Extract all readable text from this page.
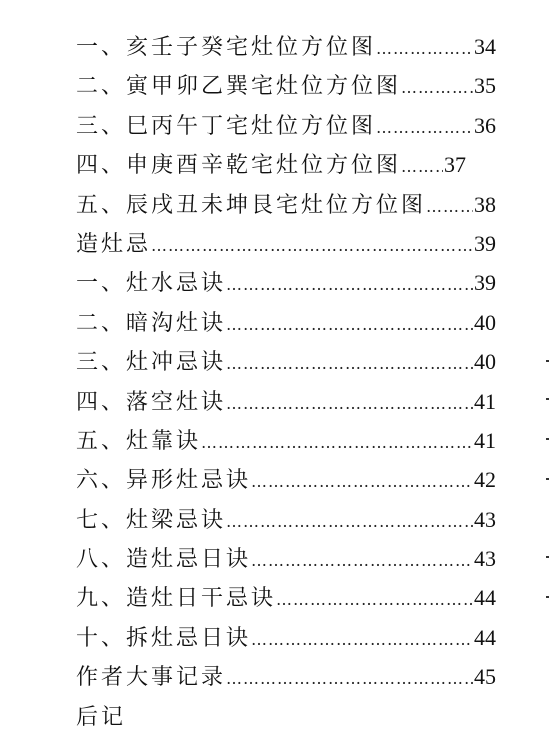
一、亥壬子癸宅灶位方位图 ………………………………………………………………………………………………………………	34
二、寅甲卯乙巽宅灶位方位图 ………………………………………………………………………………………………………………	35
三、巳丙午丁宅灶位方位图 ………………………………………………………………………………………………………………	36
四、申庚酉辛乾宅灶位方位图 ……………………………………………………………………………………………………………… 37
五、辰戌丑未坤艮宅灶位方位图 ……………………………………………………………………………………………………………… 38
造灶忌 ………………………………………………………………………………………………………………	39
一、灶水忌诀 ………………………………………………………………………………………………………………	39
二、暗沟灶诀 ………………………………………………………………………………………………………………	40
三、灶冲忌诀 ………………………………………………………………………………………………………………	40
四、落空灶诀 ………………………………………………………………………………………………………………	41
五、灶靠诀 ………………………………………………………………………………………………………………	41
六、异形灶忌诀 ………………………………………………………………………………………………………………	42
七、灶梁忌诀 ………………………………………………………………………………………………………………	43
八、造灶忌日诀 ………………………………………………………………………………………………………………	43
九、造灶日干忌诀 ………………………………………………………………………………………………………………	44
十、拆灶忌日诀 ………………………………………………………………………………………………………………	44
作者大事记录 ………………………………………………………………………………………………………………	45
后记
